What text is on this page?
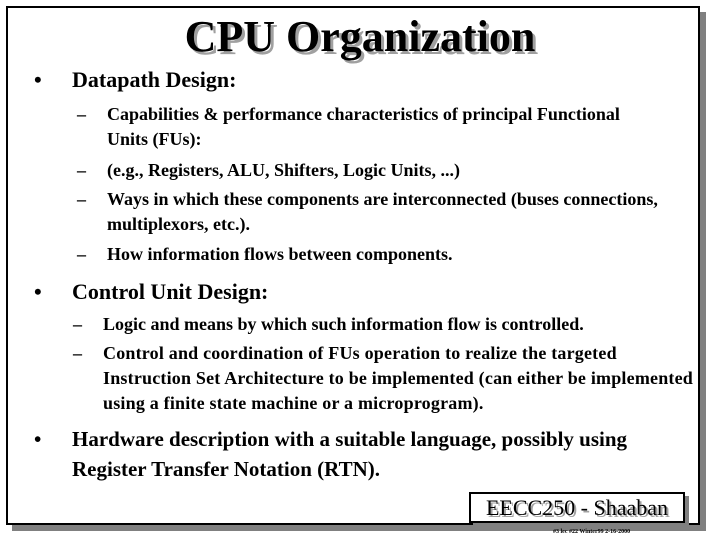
CPU Organization
•	Datapath Design:
–	Capabilities & performance characteristics of principal Functional Units (FUs):
–	(e.g., Registers, ALU, Shifters, Logic Units, ...)
–	Ways in which these components are interconnected (buses connections, multiplexors, etc.).
–	How information flows between components.
•	Control Unit Design:
–	Logic and means by which such information flow is controlled.
–	Control and coordination of FUs operation to realize the targeted Instruction Set Architecture to be implemented (can either be implemented using a finite state machine or a microprogram).
•	Hardware description with a suitable language, possibly using Register Transfer Notation (RTN).
EECC250 - Shaaban
#3 lec #22 Winter99 2-16-2000
